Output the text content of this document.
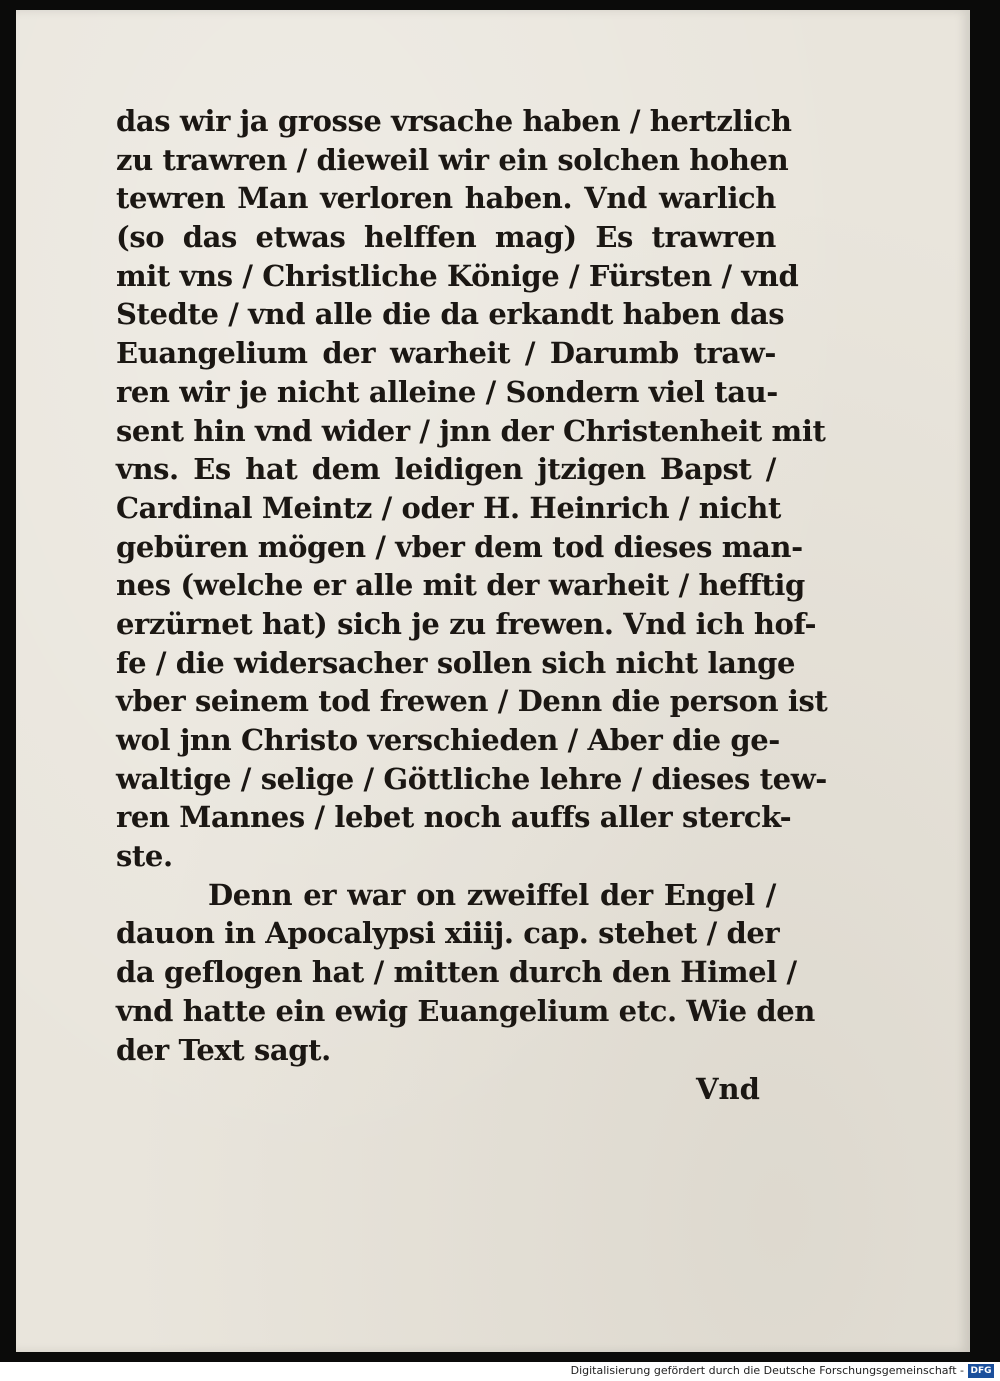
das wir ja grosse vrsache haben / hertzlich
zu trawren / dieweil wir ein solchen hohen
tewren Man verloren haben. Vnd warlich
(so das etwas helffen mag) Es trawren
mit vns / Christliche Könige / Fürsten / vnd
Stedte / vnd alle die da erkandt haben das
Euangelium der warheit / Darumb traw-
ren wir je nicht alleine / Sondern viel tau-
sent hin vnd wider / jnn der Christenheit mit
vns. Es hat dem leidigen jtzigen Bapst /
Cardinal Meintz / oder H. Heinrich / nicht
gebüren mögen / vber dem tod dieses man-
nes (welche er alle mit der warheit / hefftig
erzürnet hat) sich je zu frewen. Vnd ich hof-
fe / die widersacher sollen sich nicht lange
vber seinem tod frewen / Denn die person ist
wol jnn Christo verschieden / Aber die ge-
waltige / selige / Göttliche lehre / dieses tew-
ren Mannes / lebet noch auffs aller sterck-
ste.
Denn er war on zweiffel der Engel /
dauon in Apocalypsi xiiij. cap. stehet / der
da geflogen hat / mitten durch den Himel /
vnd hatte ein ewig Euangelium etc. Wie den
der Text sagt.
Vnd
Digitalisierung gefördert durch die Deutsche Forschungsgemeinschaft - DFG
